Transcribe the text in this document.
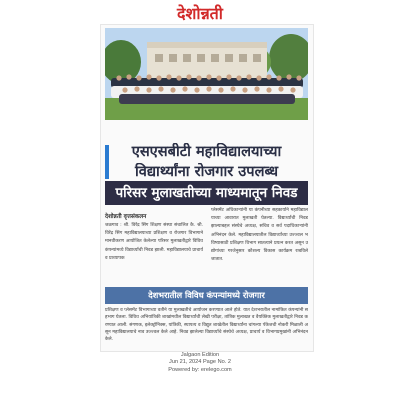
देशोन्नती
एसएसबीटी महाविद्यालयाच्या
विद्यार्थ्यांना रोजगार उपलब्ध
परिसर मुलाखतीच्या माध्यमातून निवड
देशोन्नती वृत्तसंकलन
जळगाव : श्री. विरेंद्र सिंग शिक्षण संस्था संचालित कै. श्री. विरेंद्र सिंग महाविद्यालयाच्या प्रशिक्षण व रोजगार विभागाने मानवीकरण आयोजित केलेल्या परिसर मुलाखतीद्वारे विविध कंपन्यांमध्ये विद्यार्थ्यांची निवड झाली. महाविद्यालयाचे प्राचार्य व प्राध्यापक
प्लेसमेंट अधिकाऱ्यांनी या कंपनीच्या सहकार्याने महाविद्यालयाच्या आवारात मुलाखती घेतल्या. विद्यार्थ्यांची निवड झाल्याबद्दल संस्थेचे अध्यक्ष, सचिव व सर्व पदाधिकाऱ्यांनी अभिनंदन केले. महाविद्यालयातील विद्यार्थ्यांच्या उज्ज्वल भविष्यासाठी प्रशिक्षण विभाग सातत्याने प्रयत्न करत असून उद्योगांच्या गरजेनुसार कौशल्य विकास कार्यक्रम राबविले जातात.
देशभरातील विविध कंपन्यांमध्ये रोजगार
प्रशिक्षण व प्लेसमेंट विभागाच्या वतीने या मुलाखतीचे आयोजन करण्यात आले होते. यात देशभरातील नामांकित कंपन्यांनी सहभाग घेतला. विविध अभियांत्रिकी शाखांमधील विद्यार्थ्यांची लेखी परीक्षा, तांत्रिक मुलाखत व वैयक्तिक मुलाखतीद्वारे निवड करण्यात आली. संगणक, इलेक्ट्रॉनिक्स, यांत्रिकी, स्थापत्य व विद्युत शाखेतील विद्यार्थ्यांना चांगल्या पॅकेजची नोकरी मिळाली असून महाविद्यालयाचे नाव उज्ज्वल केले आहे. निवड झालेल्या विद्यार्थ्यांचे संस्थेचे अध्यक्ष, प्राचार्य व विभागप्रमुखांनी अभिनंदन केले.
Jalgaon Edition
Jun 21, 2024 Page No. 2
Powered by: erelego.com
